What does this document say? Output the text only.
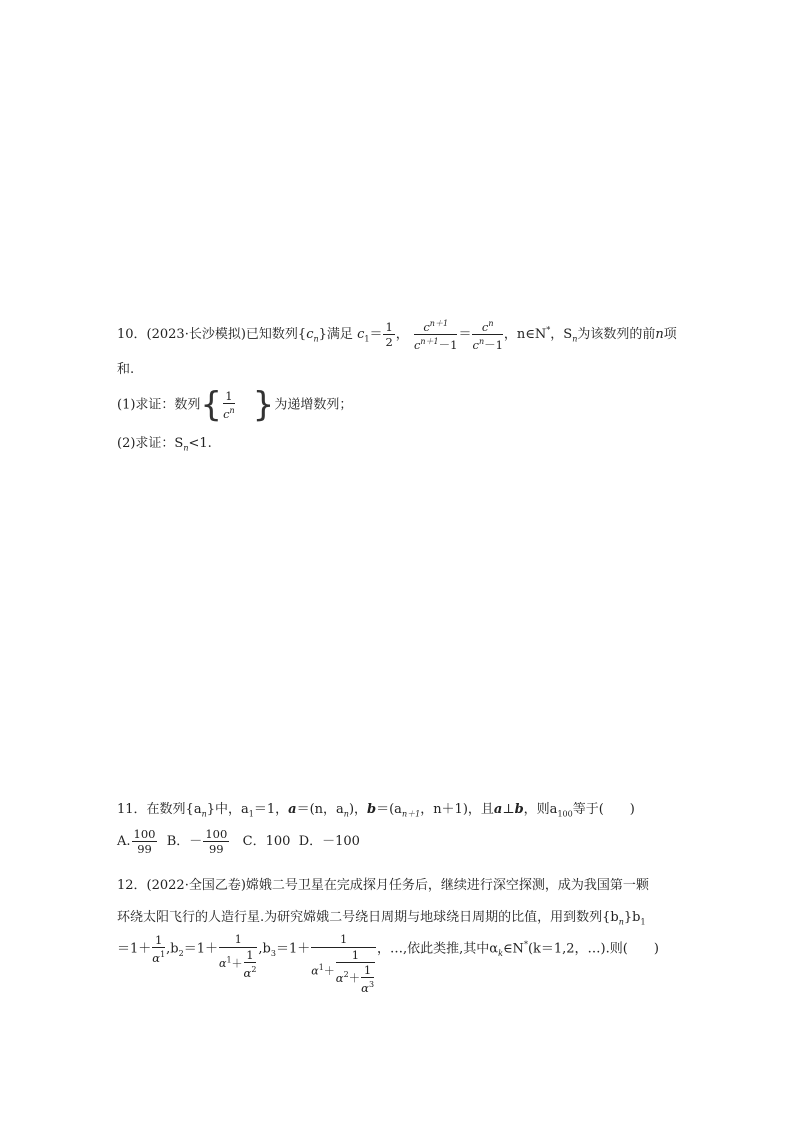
10．(2023·长沙模拟)已知数列$\{c_n\}$满足 $c_1= \frac{1}{2}$ ， $\frac{c^{n+1}}{c^{n+1}-1} = \frac{c^n}{c^n-1}$ ，n∈N*，$S_n$为该数列的前n项
和.
(1)求证：数列{ $\frac{1}{c^n}$ }为递增数列；
(2)求证：$S_n<1$.
11．在数列$\{a_n\}$中，$a_1=1$，a＝(n，$a_n$)，$b=(a_{n+1}$，n＋1)，且a⊥b，则$a_{100}$等于(　　)
A. $\frac{100}{99}$ B．－ $\frac{100}{99}$ C．100 D．－100
12．(2022·全国乙卷)嫦娥二号卫星在完成探月任务后，继续进行深空探测，成为我国第一颗
环绕太阳飞行的人造行星.为研究嫦娥二号绕日周期与地球绕日周期的比值，用到数列$\{b_n\}b_1$
$=1+ \frac{1}{\alpha^1} ,b_2=1+ \frac{1}{\alpha^1+ \frac{1}{\alpha^2}} ,b_3=1+ \frac{1}{\alpha^1+ \frac{1}{\alpha^2+ \frac{1}{\alpha^3}}}$ ，…,依此类推,其中$\alpha_k\in N^*(k=1,2$，…).则(　　)
